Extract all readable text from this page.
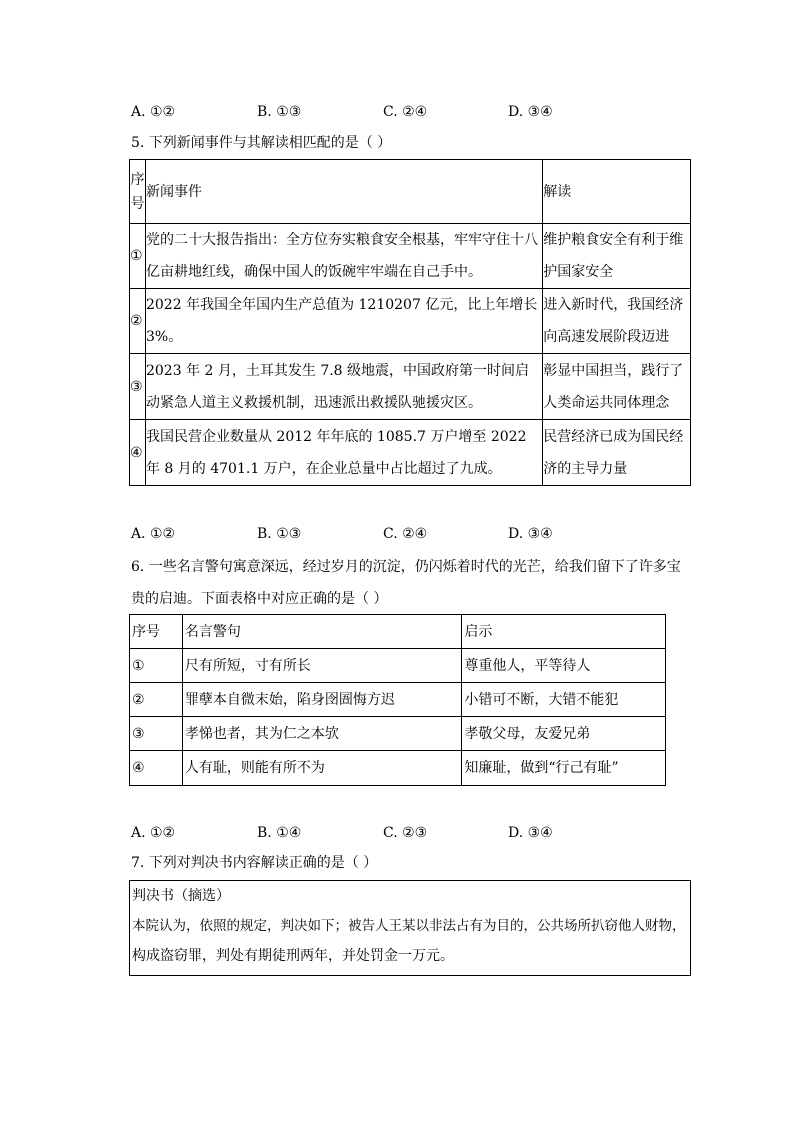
A. ①②	B. ①③	C. ②④	D. ③④
5. 下列新闻事件与其解读相匹配的是（ ）
序号	新闻事件	解读
①	党的二十大报告指出：全方位夯实粮食安全根基，牢牢守住十八亿亩耕地红线，确保中国人的饭碗牢牢端在自己手中。	维护粮食安全有利于维护国家安全
②	2022 年我国全年国内生产总值为 1210207 亿元，比上年增长 3%。	进入新时代，我国经济向高速发展阶段迈进
③	2023 年 2 月，土耳其发生 7.8 级地震，中国政府第一时间启动紧急人道主义救援机制，迅速派出救援队驰援灾区。	彰显中国担当，践行了人类命运共同体理念
④	我国民营企业数量从 2012 年年底的 1085.7 万户增至 2022 年 8 月的 4701.1 万户，在企业总量中占比超过了九成。	民营经济已成为国民经济的主导力量
A. ①②	B. ①③	C. ②④	D. ③④
6. 一些名言警句寓意深远，经过岁月的沉淀，仍闪烁着时代的光芒，给我们留下了许多宝贵的启迪。下面表格中对应正确的是（ ）
序号	名言警句	启示
①	尺有所短，寸有所长	尊重他人，平等待人
②	罪孽本自微末始，陷身囹圄悔方迟	小错可不断，大错不能犯
③	孝悌也者，其为仁之本欤	孝敬父母，友爱兄弟
④	人有耻，则能有所不为	知廉耻，做到“行己有耻”
A. ①②	B. ①④	C. ②③	D. ③④
7. 下列对判决书内容解读正确的是（ ）
判决书（摘选）
本院认为，依照的规定，判决如下；被告人王某以非法占有为目的，公共场所扒窃他人财物，
构成盗窃罪，判处有期徒刑两年，并处罚金一万元。
